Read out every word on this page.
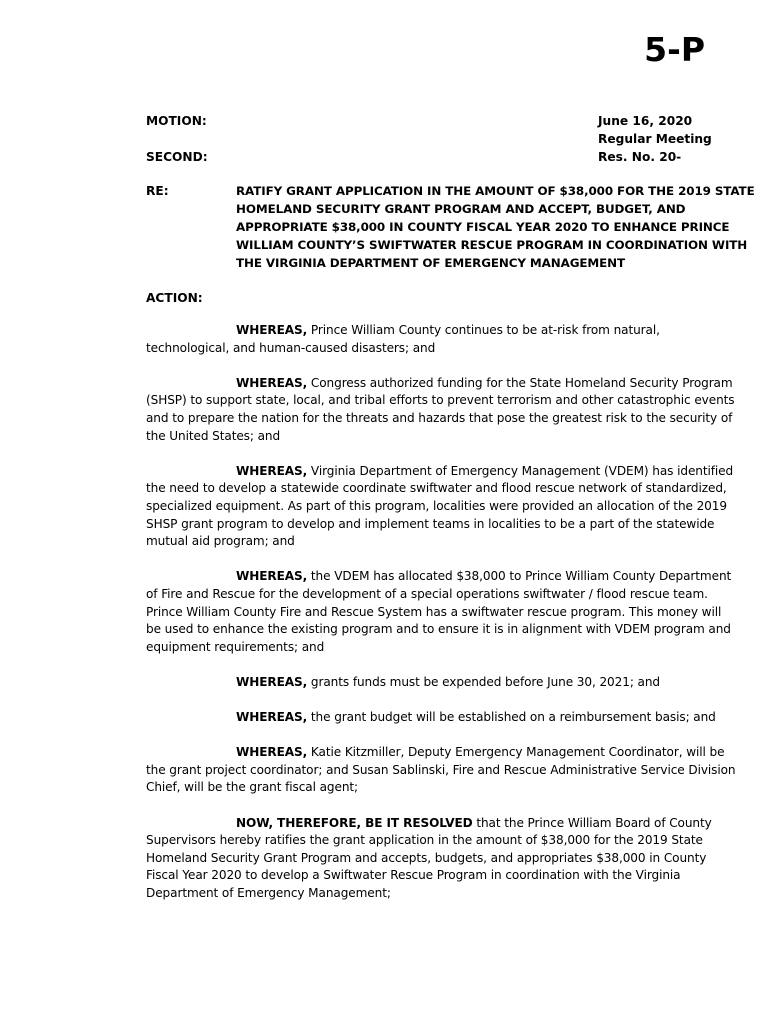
5-P
MOTION:
SECOND:
June 16, 2020
Regular Meeting
Res. No. 20-
RE:	RATIFY GRANT APPLICATION IN THE AMOUNT OF $38,000 FOR THE 2019 STATE
HOMELAND SECURITY GRANT PROGRAM AND ACCEPT, BUDGET, AND
APPROPRIATE $38,000 IN COUNTY FISCAL YEAR 2020 TO ENHANCE PRINCE
WILLIAM COUNTY’S SWIFTWATER RESCUE PROGRAM IN COORDINATION WITH
THE VIRGINIA DEPARTMENT OF EMERGENCY MANAGEMENT
ACTION:
WHEREAS, Prince William County continues to be at-risk from natural,
technological, and human-caused disasters; and
WHEREAS, Congress authorized funding for the State Homeland Security Program
(SHSP) to support state, local, and tribal efforts to prevent terrorism and other catastrophic events
and to prepare the nation for the threats and hazards that pose the greatest risk to the security of
the United States; and
WHEREAS, Virginia Department of Emergency Management (VDEM) has identified
the need to develop a statewide coordinate swiftwater and flood rescue network of standardized,
specialized equipment. As part of this program, localities were provided an allocation of the 2019
SHSP grant program to develop and implement teams in localities to be a part of the statewide
mutual aid program; and
WHEREAS, the VDEM has allocated $38,000 to Prince William County Department
of Fire and Rescue for the development of a special operations swiftwater / flood rescue team.
Prince William County Fire and Rescue System has a swiftwater rescue program. This money will
be used to enhance the existing program and to ensure it is in alignment with VDEM program and
equipment requirements; and
WHEREAS, grants funds must be expended before June 30, 2021; and
WHEREAS, the grant budget will be established on a reimbursement basis; and
WHEREAS, Katie Kitzmiller, Deputy Emergency Management Coordinator, will be
the grant project coordinator; and Susan Sablinski, Fire and Rescue Administrative Service Division
Chief, will be the grant fiscal agent;
NOW, THEREFORE, BE IT RESOLVED that the Prince William Board of County
Supervisors hereby ratifies the grant application in the amount of $38,000 for the 2019 State
Homeland Security Grant Program and accepts, budgets, and appropriates $38,000 in County
Fiscal Year 2020 to develop a Swiftwater Rescue Program in coordination with the Virginia
Department of Emergency Management;
